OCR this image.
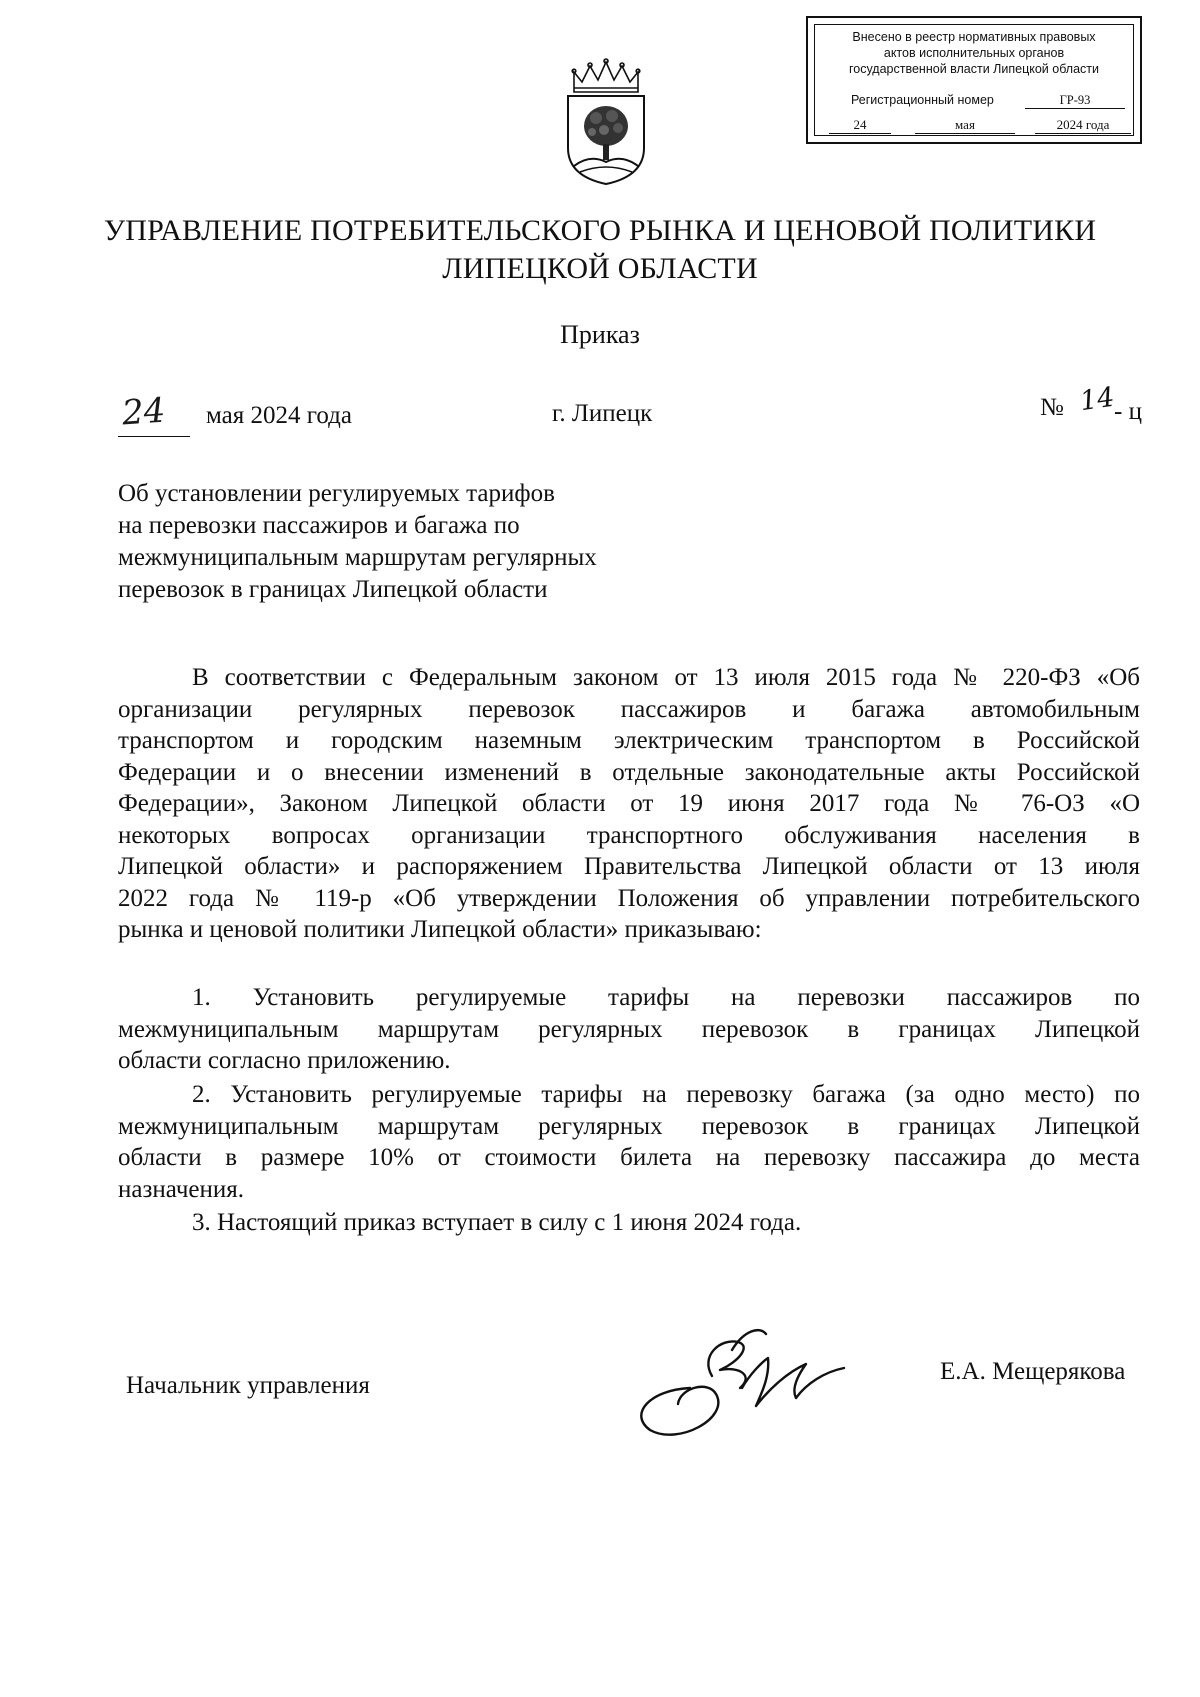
Внесено в реестр нормативных правовых
актов исполнительных органов
государственной власти Липецкой области
Регистрационный номер	ГР-93
24	мая	2024 года
УПРАВЛЕНИЕ ПОТРЕБИТЕЛЬСКОГО РЫНКА И ЦЕНОВОЙ ПОЛИТИКИ
ЛИПЕЦКОЙ ОБЛАСТИ
Приказ
24 мая 2024 года	г. Липецк	№ 14
- ц
Об установлении регулируемых тарифов
на перевозки пассажиров и багажа по
межмуниципальным маршрутам регулярных
перевозок в границах Липецкой области
В соответствии с Федеральным законом от 13 июля 2015 года № 220-ФЗ «Об
организации регулярных перевозок пассажиров и багажа автомобильным
транспортом и городским наземным электрическим транспортом в Российской
Федерации и о внесении изменений в отдельные законодательные акты Российской
Федерации», Законом Липецкой области от 19 июня 2017 года № 76-ОЗ «О
некоторых вопросах организации транспортного обслуживания населения в
Липецкой области» и распоряжением Правительства Липецкой области от 13 июля
2022 года № 119-р «Об утверждении Положения об управлении потребительского
рынка и ценовой политики Липецкой области» приказываю:
1. Установить регулируемые тарифы на перевозки пассажиров по
межмуниципальным маршрутам регулярных перевозок в границах Липецкой
области согласно приложению.
2. Установить регулируемые тарифы на перевозку багажа (за одно место) по
межмуниципальным маршрутам регулярных перевозок в границах Липецкой
области в размере 10% от стоимости билета на перевозку пассажира до места
назначения.
3. Настоящий приказ вступает в силу с 1 июня 2024 года.
Начальник управления
Е.А. Мещерякова
